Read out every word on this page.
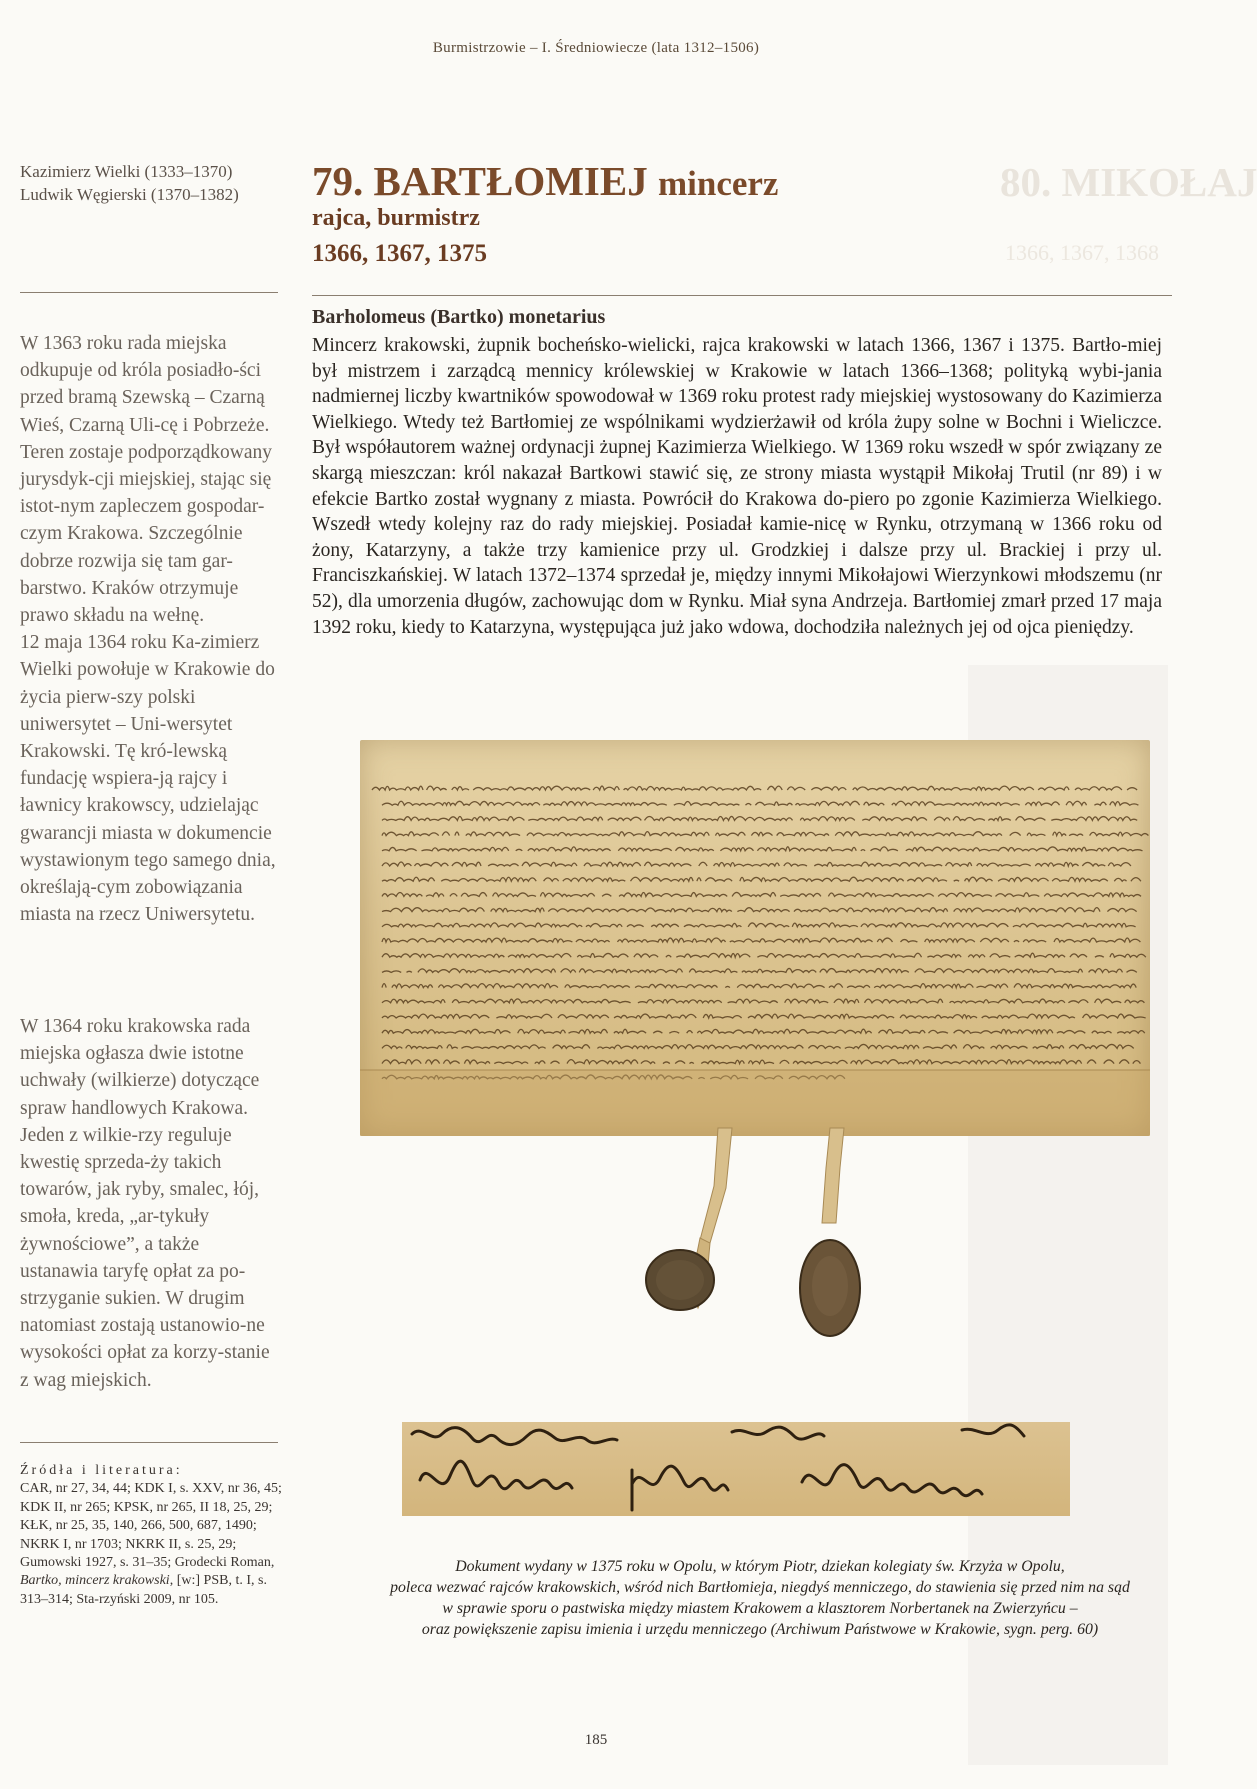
Burmistrzowie – I. Średniowiecze (lata 1312–1506)
Kazimierz Wielki (1333–1370)
Ludwik Węgierski (1370–1382)

W 1363 roku rada miejska odkupuje od króla posiadło-ści przed bramą Szewską – Czarną Wieś, Czarną Uli-cę i Pobrzeże. Teren zostaje podporządkowany jurysdyk-cji miejskiej, stając się istot-nym zapleczem gospodar-czym Krakowa. Szczególnie dobrze rozwija się tam gar-barstwo. Kraków otrzymuje prawo składu na wełnę.

12 maja 1364 roku Ka-zimierz Wielki powołuje w Krakowie do życia pierw-szy polski uniwersytet – Uni-wersytet Krakowski. Tę kró-lewską fundację wspiera-ją rajcy i ławnicy krakowscy, udzielając gwarancji miasta w dokumencie wystawionym tego samego dnia, określają-cym zobowiązania miasta na rzecz Uniwersytetu.

W 1364 roku krakowska rada miejska ogłasza dwie istotne uchwały (wilkierze) dotyczące spraw handlowych Krakowa. Jeden z wilkie-rzy reguluje kwestię sprzeda-ży takich towarów, jak ryby, smalec, łój, smoła, kreda, „ar-tykuły żywnościowe”, a także ustanawia taryfę opłat za po-strzyganie sukien. W drugim natomiast zostają ustanowio-ne wysokości opłat za korzy-stanie z wag miejskich.

Źródła i literatura:
CAR, nr 27, 34, 44; KDK I, s. XXV, nr 36, 45; KDK II, nr 265; KPSK, nr 265, II 18, 25, 29; KŁK, nr 25, 35, 140, 266, 500, 687, 1490; NKRK I, nr 1703; NKRK II, s. 25, 29; Gumowski 1927, s. 31–35; Grodecki Roman, Bartko, mincerz krakowski, [w:] PSB, t. I, s. 313–314; Sta-rzyński 2009, nr 105.
80. MIKOŁAJ
1366, 1367, 1368
79. BARTŁOMIEJ mincerz
rajca, burmistrz
1366, 1367, 1375
Barholomeus (Bartko) monetarius

Mincerz krakowski, żupnik bocheńsko-wielicki, rajca krakowski w latach 1366, 1367 i 1375. Bartło-miej był mistrzem i zarządcą mennicy królewskiej w Krakowie w latach 1366–1368; polityką wybi-jania nadmiernej liczby kwartników spowodował w 1369 roku protest rady miejskiej wystosowany do Kazimierza Wielkiego. Wtedy też Bartłomiej ze wspólnikami wydzierżawił od króla żupy solne w Bochni i Wieliczce. Był współautorem ważnej ordynacji żupnej Kazimierza Wielkiego. W 1369 roku wszedł w spór związany ze skargą mieszczan: król nakazał Bartkowi stawić się, ze strony miasta wystąpił Mikołaj Trutil (nr 89) i w efekcie Bartko został wygnany z miasta. Powrócił do Krakowa do-piero po zgonie Kazimierza Wielkiego. Wszedł wtedy kolejny raz do rady miejskiej. Posiadał kamie-nicę w Rynku, otrzymaną w 1366 roku od żony, Katarzyny, a także trzy kamienice przy ul. Grodzkiej i dalsze przy ul. Brackiej i przy ul. Franciszkańskiej. W latach 1372–1374 sprzedał je, między innymi Mikołajowi Wierzynkowi młodszemu (nr 52), dla umorzenia długów, zachowując dom w Rynku. Miał syna Andrzeja. Bartłomiej zmarł przed 17 maja 1392 roku, kiedy to Katarzyna, występująca już jako wdowa, dochodziła należnych jej od ojca pieniędzy.

Dokument wydany w 1375 roku w Opolu, w którym Piotr, dziekan kolegiaty św. Krzyża w Opolu,

poleca wezwać rajców krakowskich, wśród nich Bartłomieja, niegdyś menniczego, do stawienia się przed nim na sąd

w sprawie sporu o pastwiska między miastem Krakowem a klasztorem Norbertanek na Zwierzyńcu –

oraz powiększenie zapisu imienia i urzędu menniczego (Archiwum Państwowe w Krakowie, sygn. perg. 60)

185
